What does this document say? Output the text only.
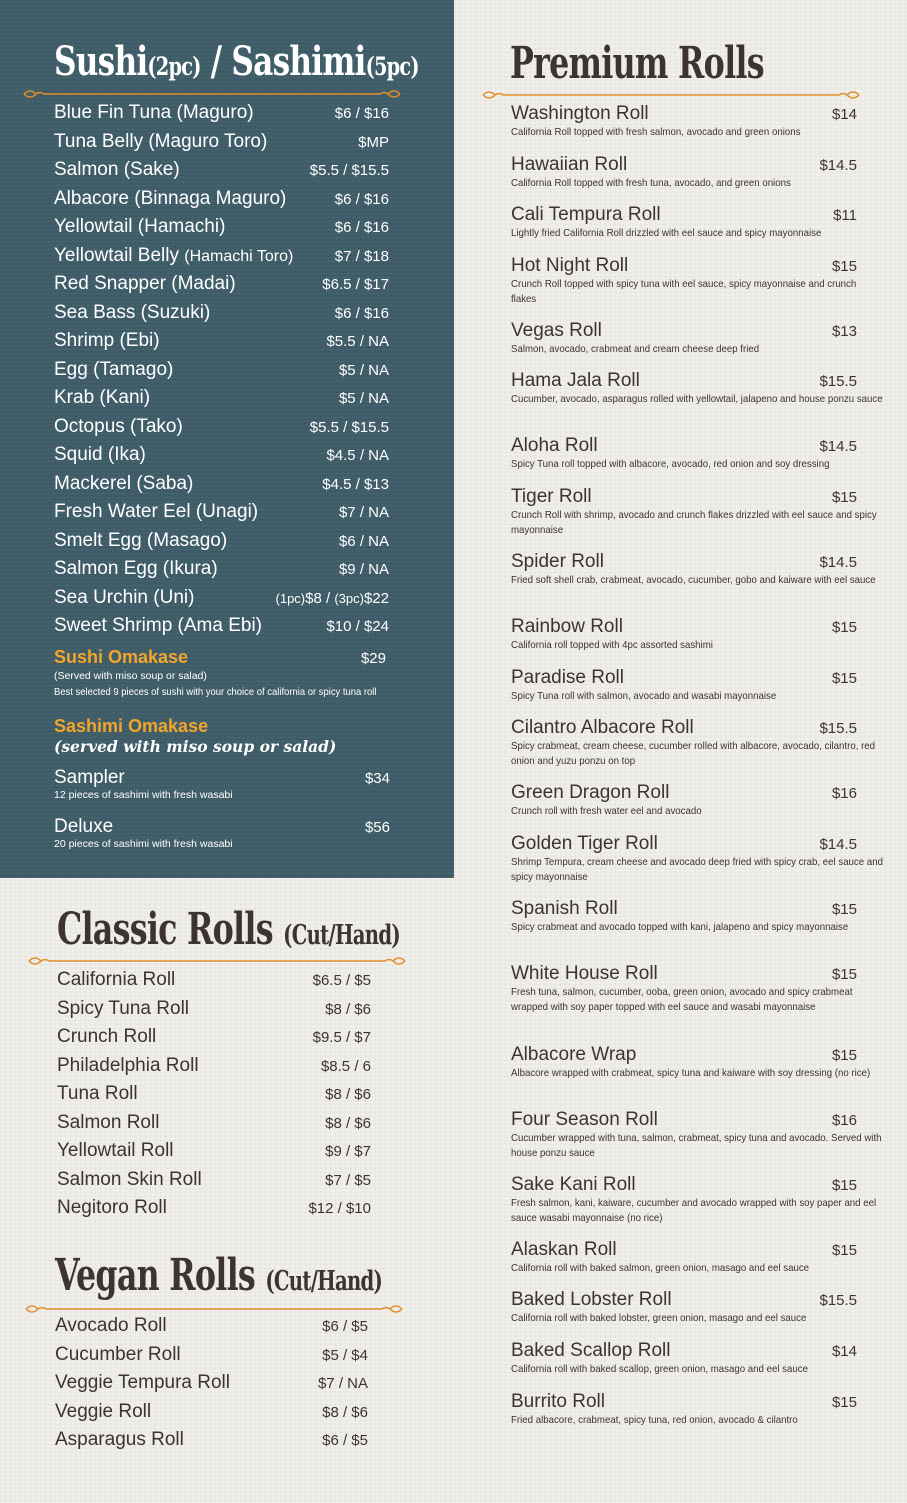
Sushi(2pc) / Sashimi(5pc)
Blue Fin Tuna (Maguro)	$6 / $16
Tuna Belly (Maguro Toro)	$MP
Salmon (Sake)	$5.5 / $15.5
Albacore (Binnaga Maguro)	$6 / $16
Yellowtail (Hamachi)	$6 / $16
Yellowtail Belly (Hamachi Toro)	$7 / $18
Red Snapper (Madai)	$6.5 / $17
Sea Bass (Suzuki)	$6 / $16
Shrimp (Ebi)	$5.5 / NA
Egg (Tamago)	$5 / NA
Krab (Kani)	$5 / NA
Octopus (Tako)	$5.5 / $15.5
Squid (Ika)	$4.5 / NA
Mackerel (Saba)	$4.5 / $13
Fresh Water Eel (Unagi)	$7 / NA
Smelt Egg (Masago)	$6 / NA
Salmon Egg (Ikura)	$9 / NA
Sea Urchin (Uni)	(1pc)$8 / (3pc)$22
Sweet Shrimp (Ama Ebi)	$10 / $24
Sushi Omakase	$29
(Served with miso soup or salad)
Best selected 9 pieces of sushi with your choice of california or spicy tuna roll
Sashimi Omakase
(served with miso soup or salad)
Sampler	$34
12 pieces of sashimi with fresh wasabi
Deluxe	$56
20 pieces of sashimi with fresh wasabi
Classic Rolls (Cut/Hand)
California Roll	$6.5 / $5
Spicy Tuna Roll	$8 / $6
Crunch Roll	$9.5 / $7
Philadelphia Roll	$8.5 / 6
Tuna Roll	$8 / $6
Salmon Roll	$8 / $6
Yellowtail Roll	$9 / $7
Salmon Skin Roll	$7 / $5
Negitoro Roll	$12 / $10
Vegan Rolls (Cut/Hand)
Avocado Roll	$6 / $5
Cucumber Roll	$5 / $4
Veggie Tempura Roll	$7 / NA
Veggie Roll	$8 / $6
Asparagus Roll	$6 / $5
Premium Rolls
Washington Roll	$14
California Roll topped with fresh salmon, avocado and green onions
Hawaiian Roll	$14.5
California Roll topped with fresh tuna, avocado, and green onions
Cali Tempura Roll	$11
Lightly fried California Roll drizzled with eel sauce and spicy mayonnaise
Hot Night Roll	$15
Crunch Roll topped with spicy tuna with eel sauce, spicy mayonnaise and crunch flakes
Vegas Roll	$13
Salmon, avocado, crabmeat and cream cheese deep fried
Hama Jala Roll	$15.5
Cucumber, avocado, asparagus rolled with yellowtail, jalapeno and house ponzu sauce
Aloha Roll	$14.5
Spicy Tuna roll topped with albacore, avocado, red onion and soy dressing
Tiger Roll	$15
Crunch Roll with shrimp, avocado and crunch flakes drizzled with eel sauce and spicy mayonnaise
Spider Roll	$14.5
Fried soft shell crab, crabmeat, avocado, cucumber, gobo and kaiware with eel sauce
Rainbow Roll	$15
California roll topped with 4pc assorted sashimi
Paradise Roll	$15
Spicy Tuna roll with salmon, avocado and wasabi mayonnaise
Cilantro Albacore Roll	$15.5
Spicy crabmeat, cream cheese, cucumber rolled with albacore, avocado, cilantro, red onion and yuzu ponzu on top
Green Dragon Roll	$16
Crunch roll with fresh water eel and avocado
Golden Tiger Roll	$14.5
Shrimp Tempura, cream cheese and avocado deep fried with spicy crab, eel sauce and spicy mayonnaise
Spanish Roll	$15
Spicy crabmeat and avocado topped with kani, jalapeno and spicy mayonnaise
White House Roll	$15
Fresh tuna, salmon, cucumber, ooba, green onion, avocado and spicy crabmeat wrapped with soy paper topped with eel sauce and wasabi mayonnaise
Albacore Wrap	$15
Albacore wrapped with crabmeat, spicy tuna and kaiware with soy dressing (no rice)
Four Season Roll	$16
Cucumber wrapped with tuna, salmon, crabmeat, spicy tuna and avocado. Served with house ponzu sauce
Sake Kani Roll	$15
Fresh salmon, kani, kaiware, cucumber and avocado wrapped with soy paper and eel sauce wasabi mayonnaise (no rice)
Alaskan Roll	$15
California roll with baked salmon, green onion, masago and eel sauce
Baked Lobster Roll	$15.5
California roll with baked lobster, green onion, masago and eel sauce
Baked Scallop Roll	$14
California roll with baked scallop, green onion, masago and eel sauce
Burrito Roll	$15
Fried albacore, crabmeat, spicy tuna, red onion, avocado & cilantro
